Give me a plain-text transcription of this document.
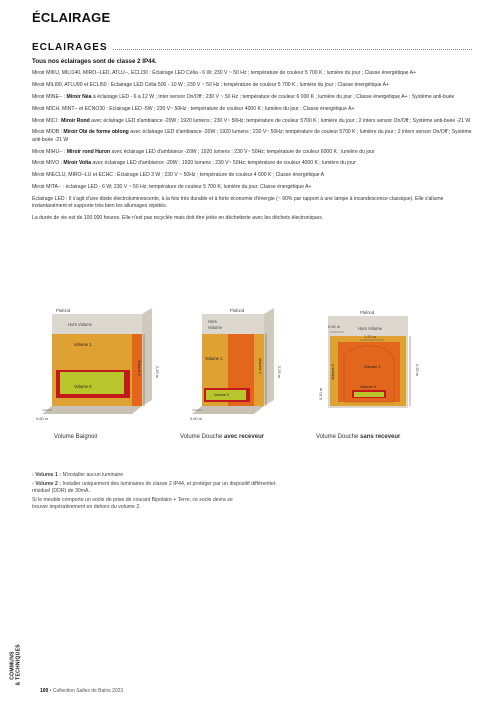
ÉCLAIRAGE
ECLAIRAGES

Tous nos éclairages sont de classe 2 IP44.

Miroir MIKU, MILI140, MIRO--LED, ATLU--, ECLI30 : Éclairage LED Célia - 6 W; 230 V ~ 50 Hz ; température de couleur 5 700 K ; lumière du jour ; Classe énergétique A+

Miroir MILI90, ATLU90 et ECLI50 : Eclairage LED Célia 500 - 10 W ; 230 V ~ 50 Hz ; température de couleur 5 700 K ; lumière du jour ; Classe énergétique A+

Miroir MINE-- : Miroir Néa à éclairage LED - 6 à 12 W ; Inter sensor On/Off ; 230 V ~ 50 Hz ; température de couleur 6 000 K ; lumière du jour ; Classe énergétique A+ ; Système anti-buée

Miroir MICH, MINT-- et ECNO30 : Eclairage LED -5W ; 230 V~ 50Hz ; température de couleur 4000 K ; lumière du jour ; Classe énergétique A+

Miroir MICI : Miroir Rond avec éclairage LED d'ambiance -20W ; 1920 lumens ; 230 V~ 50Hz; température de couleur 5700 K ; lumière du jour ; 2 inters sensor On/Off ; Système anti-buée -21 W

Miroir MIOB : Miroir Obi de forme oblong avec éclairage LED d'ambiance -20W ; 1920 lumens ; 230 V~ 50Hz; température de couleur 5700 K ; lumière du jour ; 2 inters sensor On/Off ; Système anti-buée -21 W

Miroir MIHU-- : Miroir rond Huron avec éclairage LED d'ambiance -20W ; 1920 lumens ; 230 V~ 50Hz; température de couleur 6000 K ; lumière du jour

Miroir MIVO : Miroir Volta avec éclairage LED d'ambiance -20W ; 1920 lumens ; 230 V~ 50Hz; température de couleur 4000 K ; lumière du jour

Miroir MIECLU, MIRO--LU et ECHC : Éclairage LED 3 W ; 230 V ~ 50Hz ; température de couleur 4 000 K ; Classe énergétique A

Miroir MITA-- : éclairage LED - 6 W; 230 V ~ 50 Hz; température de couleur 5 700 K; lumière du jour; Classe énergétique A+

Éclairage LED : Il s'agit d'une diode électroluminescente, à la fois très durable et à forte économie d'énergie (~ 90% par rapport à une lampe à incandescence classique). Elle s'allume instantanément et supporte très bien les allumages répétés.

La durée de vie est de 100 000 heures. Elle n'est pas recyclée mais doit être jetée en déchetterie avec les déchets électroniques.

Plafond
Hors Volume
Volume 1
Volume 2
Volume 0
2,25 m
0,60 m
Plafond
Hors
Volume
Volume 1	Volume 2
Volume 0
2,25 m
0,60 m
Plafond
Hors Volume
0,60 m
1,20 m
Volume 1
Volume 2
Volume 0
2,25 m
0,10 m
Volume Baignoir	Volume Douche avec receveur	Volume Douche sans receveur

› Volume 1 : N'installer aucun luminaire

› Volume 2 : Installer uniquement des luminaires de classe 2 IP44, et protéger par un dispositif différentiel-résiduel (DDR) de 30mA.

Si le meuble comporte un socle de prise de courant Bipolaire + Terre, ce socle devra se trouver impérativement en dehors du volume 2.

COMMUNS
& TECHNIQUES
100 • Collection Salles de Bains 2023
